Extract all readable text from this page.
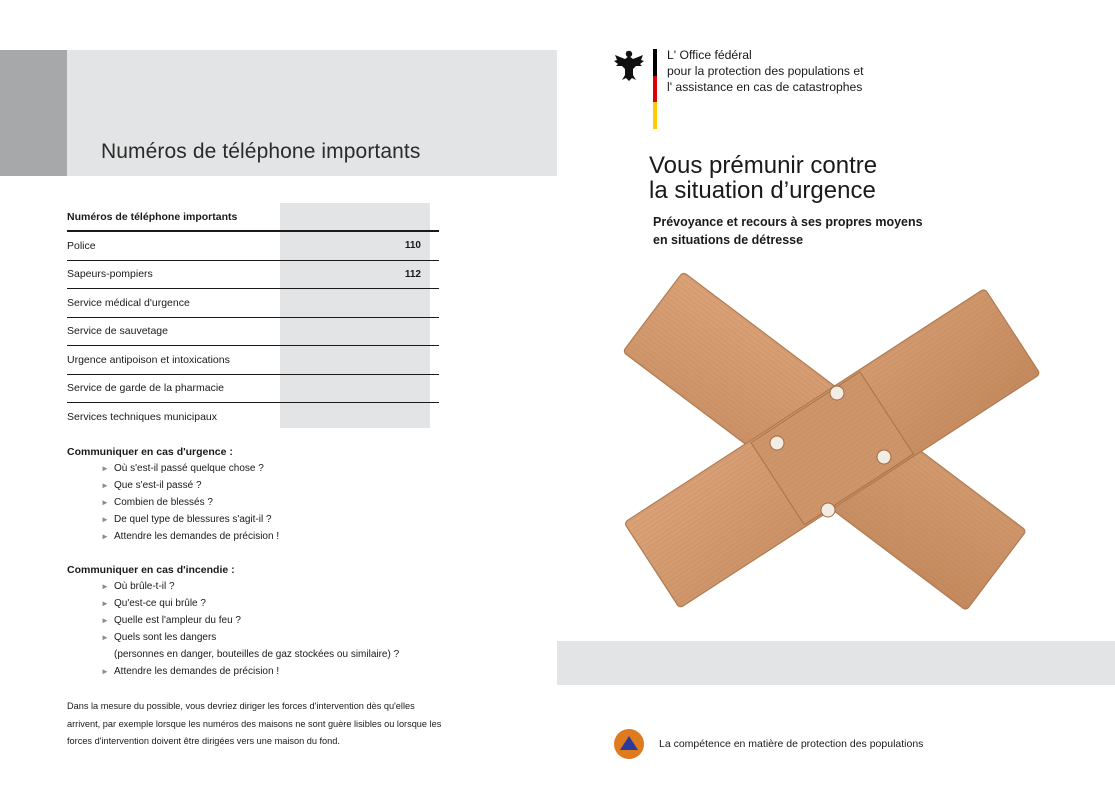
Numéros de téléphone importants
Numéros de téléphone importants
Police	110
Sapeurs-pompiers	112
Service médical d'urgence
Service de sauvetage
Urgence antipoison et intoxications
Service de garde de la pharmacie
Services techniques municipaux
Communiquer en cas d'urgence :
► Où s'est-il passé quelque chose ?
► Que s'est-il passé ?
► Combien de blessés ?
► De quel type de blessures s'agit-il ?
► Attendre les demandes de précision !
Communiquer en cas d'incendie :
► Où brûle-t-il ?
► Qu'est-ce qui brûle ?
► Quelle est l'ampleur du feu ?
► Quels sont les dangers
(personnes en danger, bouteilles de gaz stockées ou similaire) ?
► Attendre les demandes de précision !
Dans la mesure du possible, vous devriez diriger les forces d'intervention dès qu'elles arrivent, par exemple lorsque les numéros des maisons ne sont guère lisibles ou lorsque les forces d'intervention doivent être dirigées vers une maison du fond.
L' Office fédéral
pour la protection des populations et
l' assistance en cas de catastrophes
Vous prémunir contre
la situation d’urgence
Prévoyance et recours à ses propres moyens
en situations de détresse
La compétence en matière de protection des populations
